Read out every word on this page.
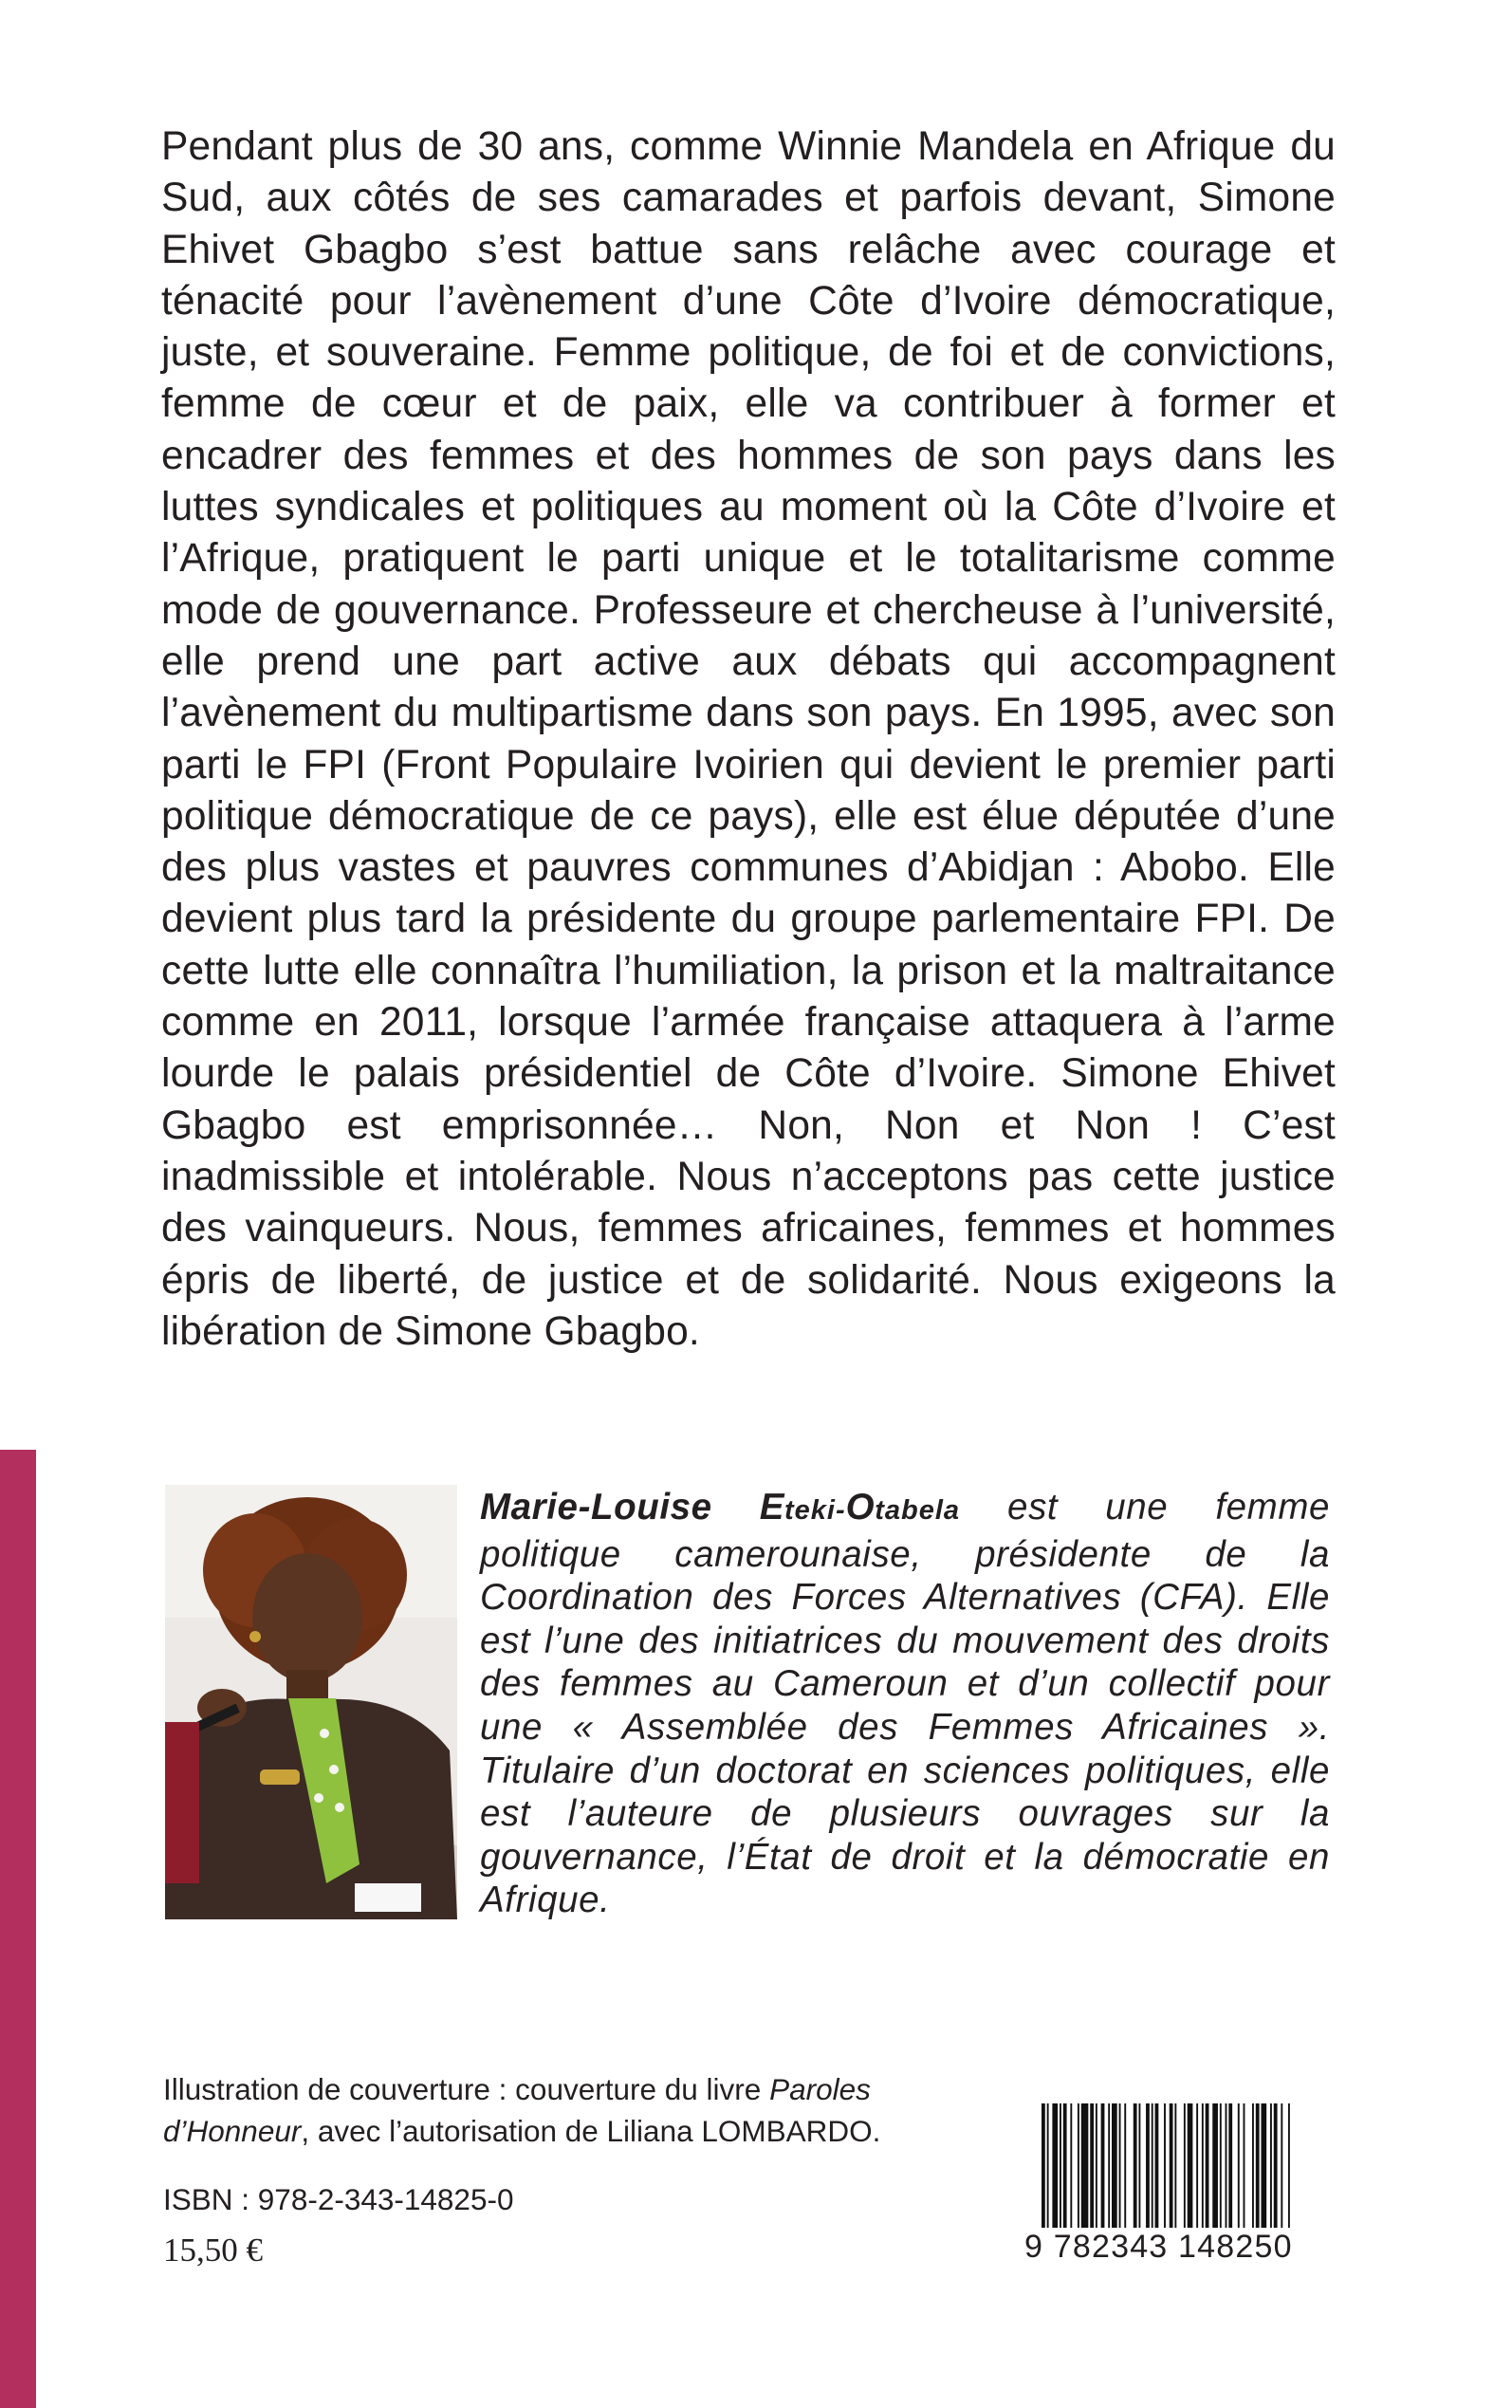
Pendant plus de 30 ans, comme Winnie Mandela en Afrique du Sud, aux côtés de ses camarades et parfois devant, Simone Ehivet Gbagbo s’est battue sans relâche avec courage et ténacité pour l’avènement d’une Côte d’Ivoire démocratique, juste, et souveraine. Femme politique, de foi et de convictions, femme de cœur et de paix, elle va contribuer à former et encadrer des femmes et des hommes de son pays dans les luttes syndicales et politiques au moment où la Côte d’Ivoire et l’Afrique, pratiquent le parti unique et le totalitarisme comme mode de gouvernance. Professeure et chercheuse à l’université, elle prend une part active aux débats qui accompagnent l’avènement du multipartisme dans son pays. En 1995, avec son parti le FPI (Front Populaire Ivoirien qui devient le premier parti politique démocratique de ce pays), elle est élue députée d’une des plus vastes et pauvres communes d’Abidjan : Abobo. Elle devient plus tard la présidente du groupe parlementaire FPI. De cette lutte elle connaîtra l’humiliation, la prison et la maltraitance comme en 2011, lorsque l’armée française attaquera à l’arme lourde le palais présidentiel de Côte d’Ivoire. Simone Ehivet Gbagbo est emprisonnée… Non, Non et Non ! C’est inadmissible et intolérable. Nous n’acceptons pas cette justice des vainqueurs. Nous, femmes africaines, femmes et hommes épris de liberté, de justice et de solidarité. Nous exigeons la libération de Simone Gbagbo.

Marie-Louise Eteki-Otabela est une femme politique camerounaise, présidente de la Coordination des Forces Alternatives (CFA). Elle est l’une des initiatrices du mouvement des droits des femmes au Cameroun et d’un collectif pour une « Assemblée des Femmes Africaines ». Titulaire d’un doctorat en sciences politiques, elle est l’auteure de plusieurs ouvrages sur la gouvernance, l’État de droit et la démocratie en Afrique.

Illustration de couverture : couverture du livre Paroles d’Honneur, avec l’autorisation de Liliana LOMBARDO.

ISBN : 978-2-343-14825-0

15,50 €	9 782343 148250
